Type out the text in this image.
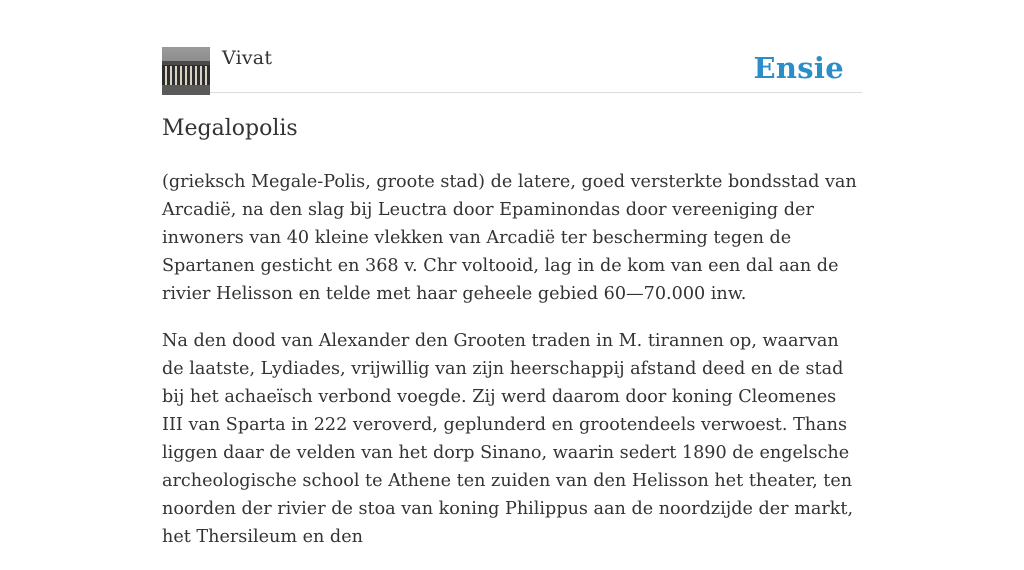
Vivat	Ensie
Megalopolis

(grieksch Megale-Polis, groote stad) de latere, goed versterkte bondsstad van Arcadië, na den slag bij Leuctra door Epaminondas door vereeniging der inwoners van 40 kleine vlekken van Arcadië ter bescherming tegen de Spartanen gesticht en 368 v. Chr voltooid, lag in de kom van een dal aan de rivier Helisson en telde met haar geheele gebied 60—70.000 inw.

Na den dood van Alexander den Grooten traden in M. tirannen op, waarvan de laatste, Lydiades, vrijwillig van zijn heerschappij afstand deed en de stad bij het achaeïsch verbond voegde. Zij werd daarom door koning Cleomenes III van Sparta in 222 veroverd, geplunderd en grootendeels verwoest. Thans liggen daar de velden van het dorp Sinano, waarin sedert 1890 de engelsche archeologische school te Athene ten zuiden van den Helisson het theater, ten noorden der rivier de stoa van koning Philippus aan de noordzijde der markt, het Thersileum en den
